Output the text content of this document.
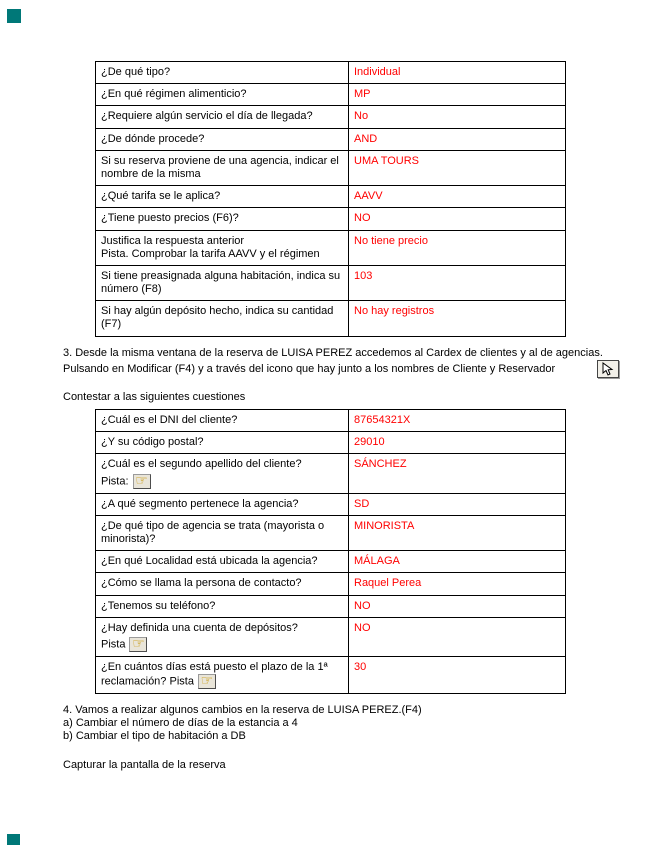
¿De qué tipo?	Individual
¿En qué régimen alimenticio?	MP
¿Requiere algún servicio el día de llegada?	No
¿De dónde procede?	AND
Si su reserva proviene de una agencia, indicar el nombre de la misma	UMA TOURS
¿Qué tarifa se le aplica?	AAVV
¿Tiene puesto precios (F6)?	NO

Justifica la respuesta anterior
Pista. Comprobar la tarifa AAVV y el régimen	No tiene precio
Si tiene preasignada alguna habitación, indica su número (F8)	103
Si hay algún depósito hecho, indica su cantidad (F7)	No hay registros
3. Desde la misma ventana de la reserva de LUISA PEREZ accedemos al Cardex de clientes y al de agencias.
Pulsando en Modificar (F4) y a través del icono que hay junto a los nombres de Cliente y Reservador
Contestar a las siguientes cuestiones
¿Cuál es el DNI del cliente?	87654321X
¿Y su código postal?	29010

¿Cuál es el segundo apellido del cliente?
Pista: ☞	SÁNCHEZ
¿A qué segmento pertenece la agencia?	SD
¿De qué tipo de agencia se trata (mayorista o minorista)?	MINORISTA
¿En qué Localidad está ubicada la agencia?	MÁLAGA
¿Cómo se llama la persona de contacto?	Raquel Perea
¿Tenemos su teléfono?	NO

¿Hay definida una cuenta de depósitos?
Pista ☞	NO
¿En cuántos días está puesto el plazo de la 1ª reclamación? Pista ☞	30
4. Vamos a realizar algunos cambios en la reserva de LUISA PEREZ.(F4)
a) Cambiar el número de días de la estancia a 4
b) Cambiar el tipo de habitación a DB
Capturar la pantalla de la reserva
